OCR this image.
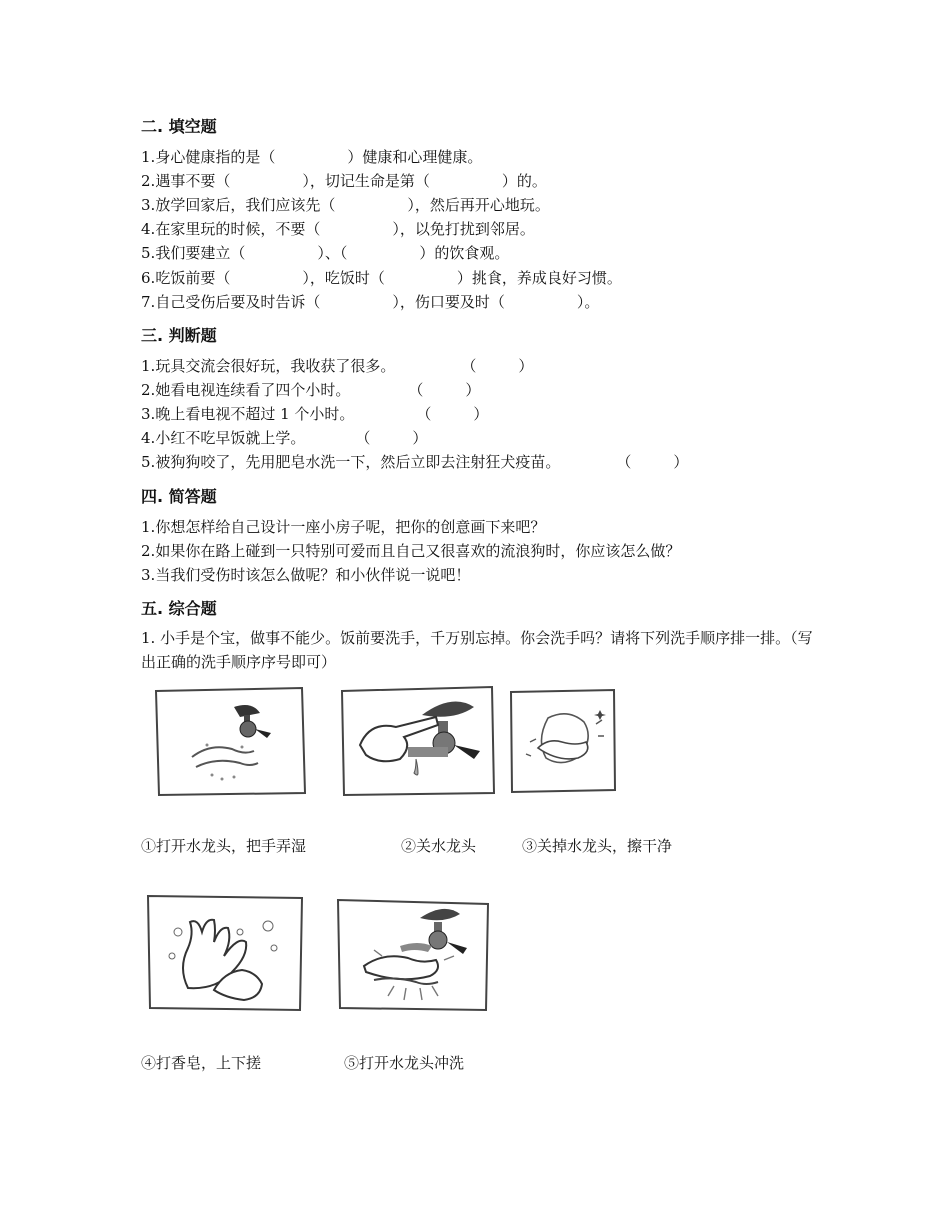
二. 填空题
1.身心健康指的是（	）健康和心理健康。
2.遇事不要（	），切记生命是第（	）的。
3.放学回家后，我们应该先（	），然后再开心地玩。
4.在家里玩的时候，不要（	），以免打扰到邻居。
5.我们要建立（	）、（	）的饮食观。
6.吃饭前要（	），吃饭时（	）挑食，养成良好习惯。
7.自己受伤后要及时告诉（	），伤口要及时（	）。
三. 判断题
1.玩具交流会很好玩，我收获了很多。	（	）
2.她看电视连续看了四个小时。	（	）
3.晚上看电视不超过 1 个小时。	（	）
4.小红不吃早饭就上学。	（	）
5.被狗狗咬了，先用肥皂水洗一下，然后立即去注射狂犬疫苗。	（	）
四. 简答题
1.你想怎样给自己设计一座小房子呢，把你的创意画下来吧？
2.如果你在路上碰到一只特别可爱而且自己又很喜欢的流浪狗时，你应该怎么做？
3.当我们受伤时该怎么做呢？和小伙伴说一说吧！
五. 综合题
1. 小手是个宝，做事不能少。饭前要洗手，千万别忘掉。你会洗手吗？请将下列洗手顺序排一排。（写出正确的洗手顺序序号即可）
①打开水龙头，把手弄湿	②关水龙头	③关掉水龙头，擦干净
④打香皂，上下搓	⑤打开水龙头冲洗
